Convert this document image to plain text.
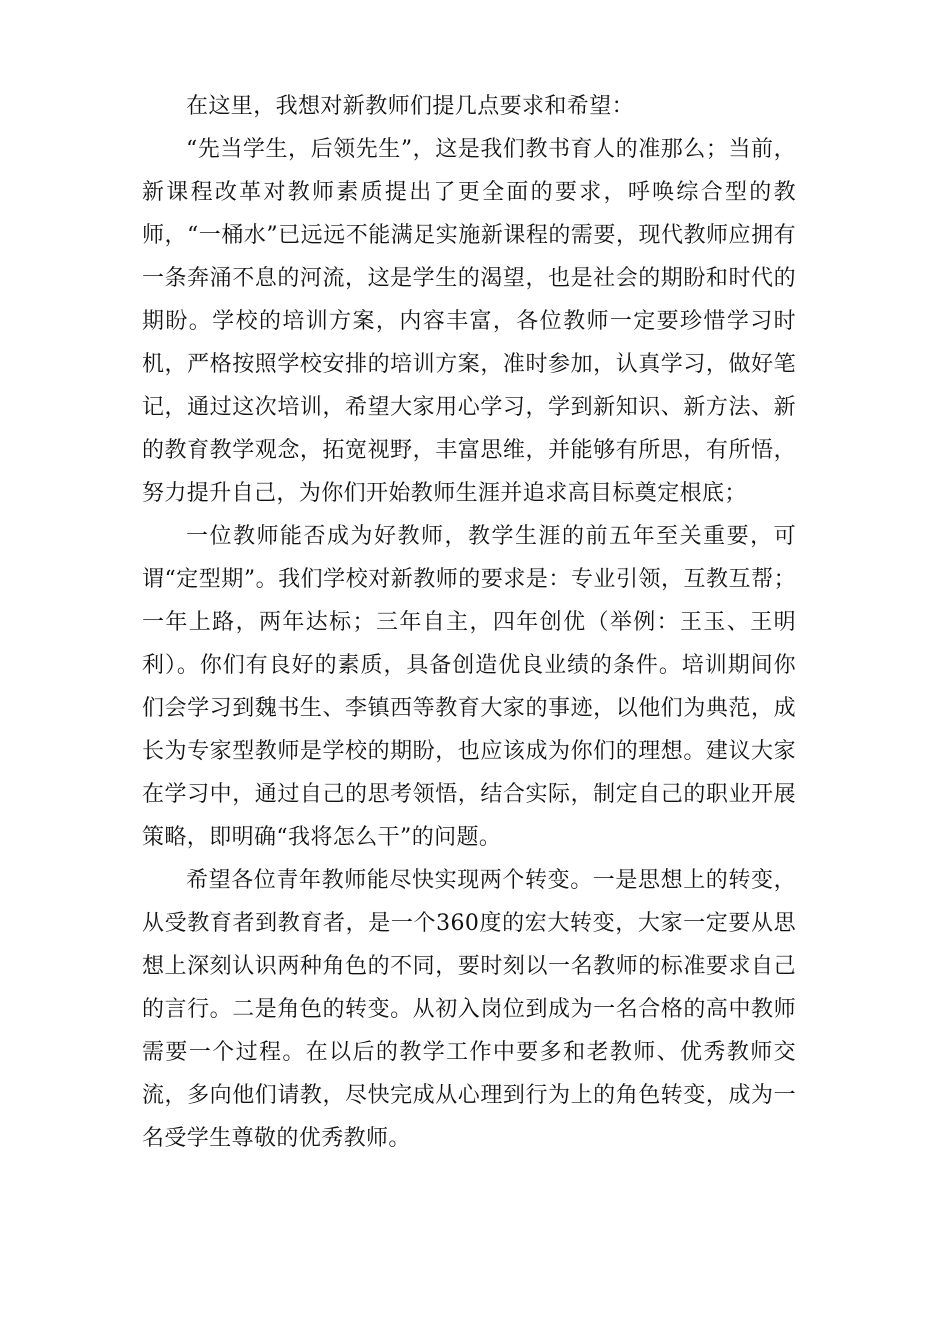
在这里，我想对新教师们提几点要求和希望：

“先当学生，后领先生”，这是我们教书育人的准那么；当前，新课程改革对教师素质提出了更全面的要求，呼唤综合型的教师，“一桶水”已远远不能满足实施新课程的需要，现代教师应拥有一条奔涌不息的河流，这是学生的渴望，也是社会的期盼和时代的期盼。学校的培训方案，内容丰富，各位教师一定要珍惜学习时机，严格按照学校安排的培训方案，准时参加，认真学习，做好笔记，通过这次培训，希望大家用心学习，学到新知识、新方法、新的教育教学观念，拓宽视野，丰富思维，并能够有所思，有所悟，努力提升自己，为你们开始教师生涯并追求高目标奠定根底；

一位教师能否成为好教师，教学生涯的前五年至关重要，可谓“定型期”。我们学校对新教师的要求是：专业引领，互教互帮；一年上路，两年达标；三年自主，四年创优（举例：王玉、王明利）。你们有良好的素质，具备创造优良业绩的条件。培训期间你们会学习到魏书生、李镇西等教育大家的事迹，以他们为典范，成长为专家型教师是学校的期盼，也应该成为你们的理想。建议大家在学习中，通过自己的思考领悟，结合实际，制定自己的职业开展策略，即明确“我将怎么干”的问题。

希望各位青年教师能尽快实现两个转变。一是思想上的转变，从受教育者到教育者，是一个360度的宏大转变，大家一定要从思想上深刻认识两种角色的不同，要时刻以一名教师的标准要求自己的言行。二是角色的转变。从初入岗位到成为一名合格的高中教师需要一个过程。在以后的教学工作中要多和老教师、优秀教师交流，多向他们请教，尽快完成从心理到行为上的角色转变，成为一名受学生尊敬的优秀教师。
